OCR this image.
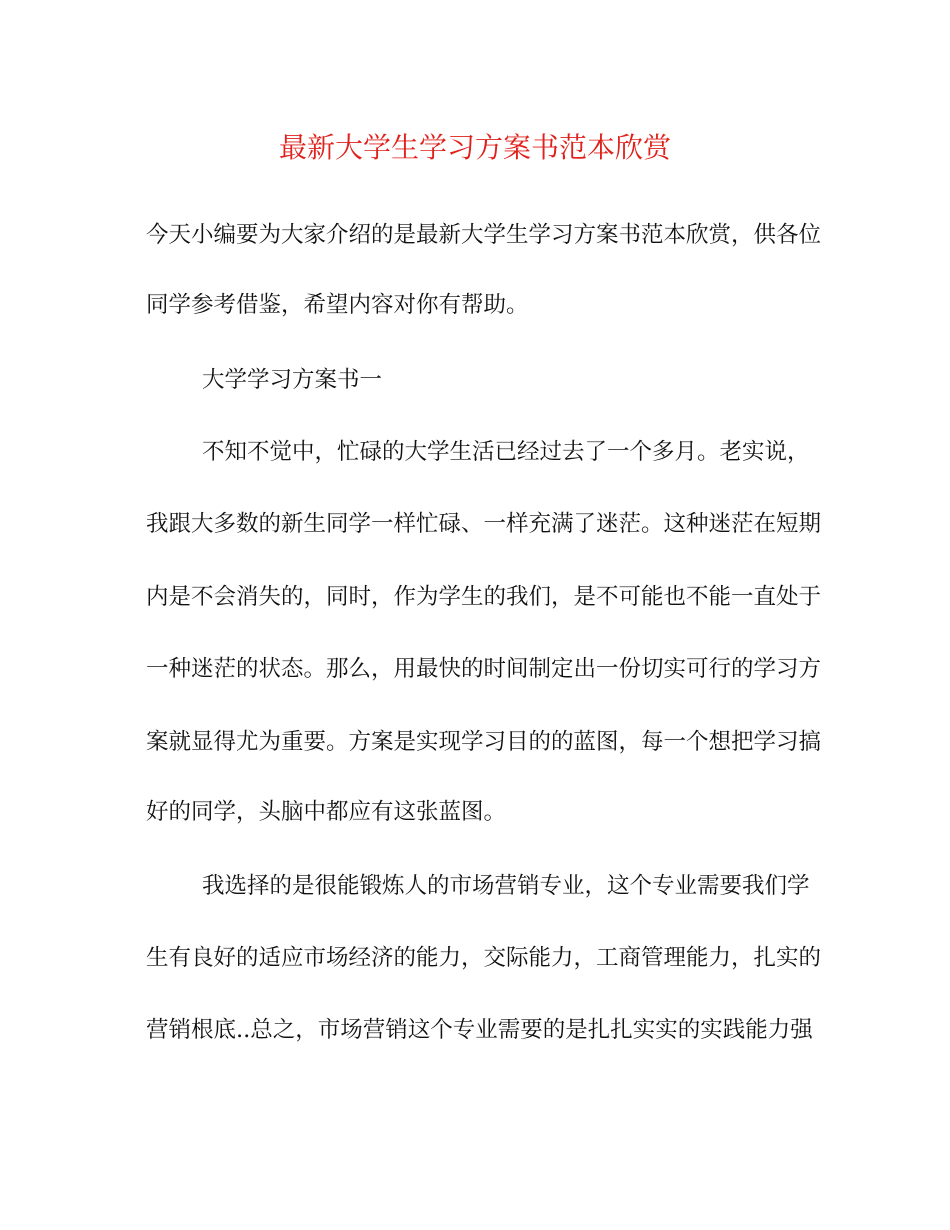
最新大学生学习方案书范本欣赏
今天小编要为大家介绍的是最新大学生学习方案书范本欣赏，供各位
同学参考借鉴，希望内容对你有帮助。
大学学习方案书一
不知不觉中，忙碌的大学生活已经过去了一个多月。老实说，
我跟大多数的新生同学一样忙碌、一样充满了迷茫。这种迷茫在短期
内是不会消失的，同时，作为学生的我们，是不可能也不能一直处于
一种迷茫的状态。那么，用最快的时间制定出一份切实可行的学习方
案就显得尤为重要。方案是实现学习目的的蓝图，每一个想把学习搞
好的同学，头脑中都应有这张蓝图。
我选择的是很能锻炼人的市场营销专业，这个专业需要我们学
生有良好的适应市场经济的能力，交际能力，工商管理能力，扎实的
营销根底..总之，市场营销这个专业需要的是扎扎实实的实践能力强
